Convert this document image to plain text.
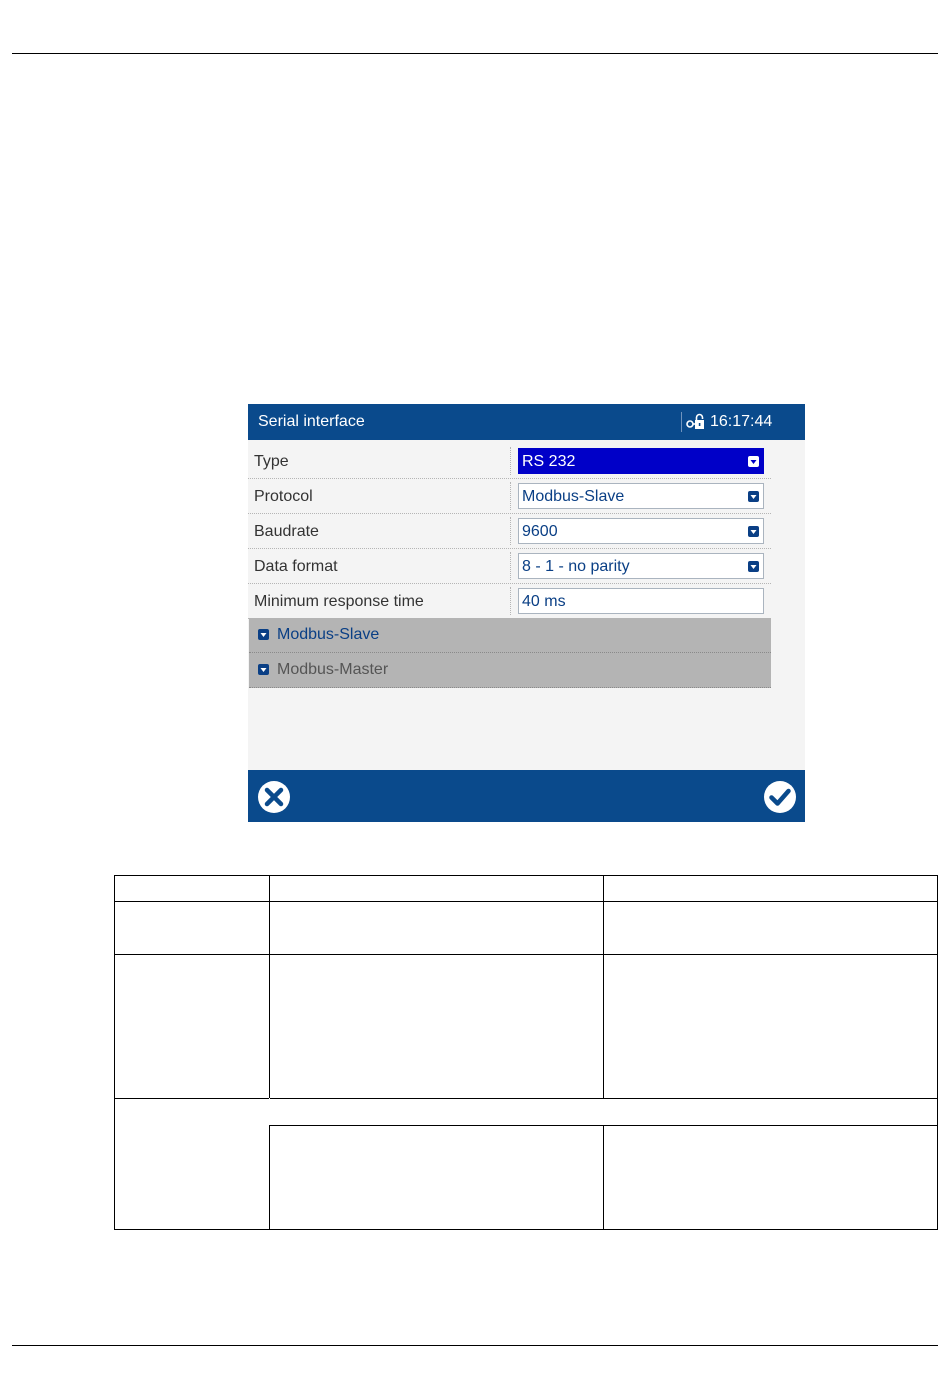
Serial interface	16:17:44
Type	RS 232
Protocol	Modbus-Slave
Baudrate	9600
Data format	8 - 1 - no parity
Minimum response time	40 ms
Modbus-Slave
Modbus-Master
